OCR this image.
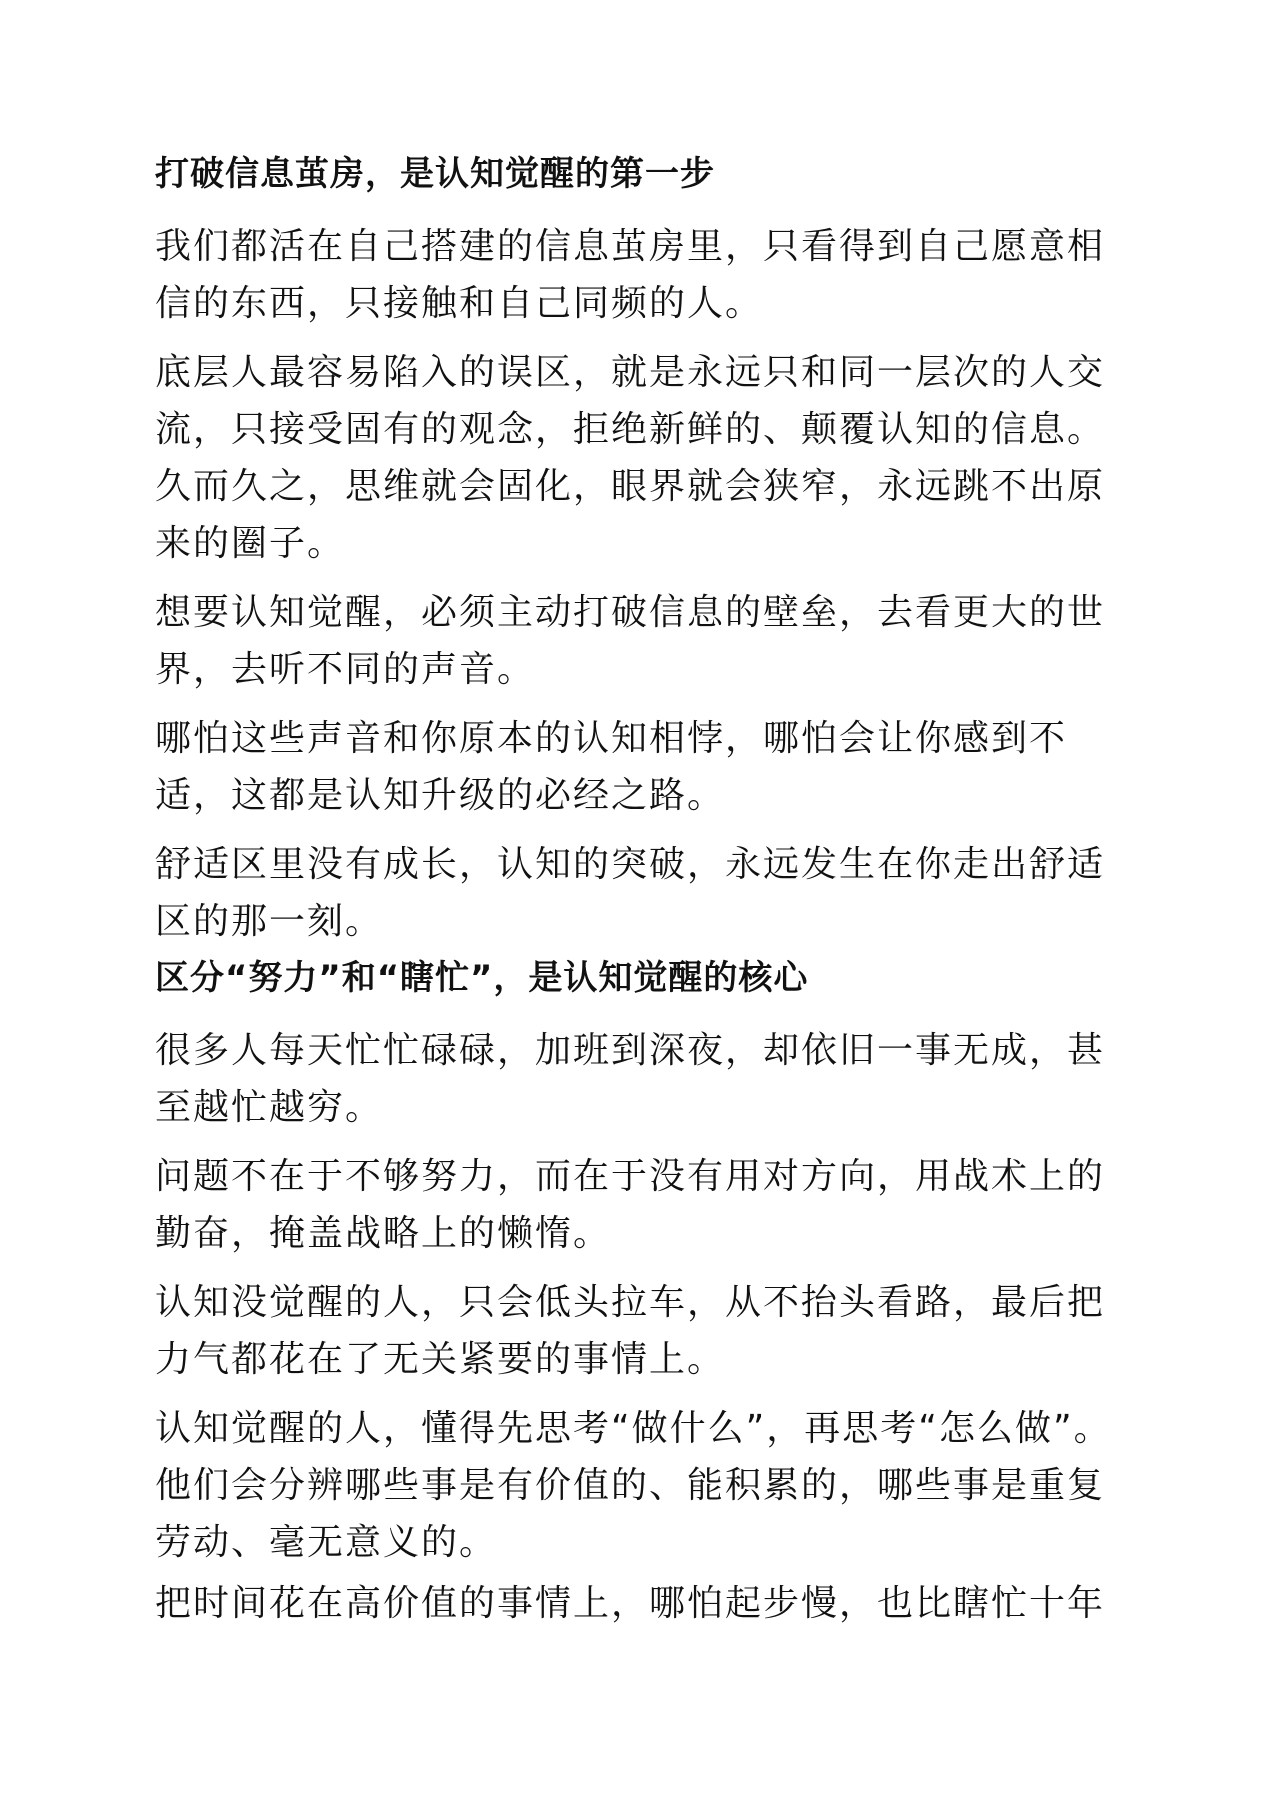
打破信息茧房，是认知觉醒的第一步

我们都活在自己搭建的信息茧房里，只看得到自己愿意相信的东西，只接触和自己同频的人。

底层人最容易陷入的误区，就是永远只和同一层次的人交流，只接受固有的观念，拒绝新鲜的、颠覆认知的信息。久而久之，思维就会固化，眼界就会狭窄，永远跳不出原来的圈子。

想要认知觉醒，必须主动打破信息的壁垒，去看更大的世界，去听不同的声音。

哪怕这些声音和你原本的认知相悖，哪怕会让你感到不适，这都是认知升级的必经之路。

舒适区里没有成长，认知的突破，永远发生在你走出舒适区的那一刻。

区分“努力”和“瞎忙”，是认知觉醒的核心

很多人每天忙忙碌碌，加班到深夜，却依旧一事无成，甚至越忙越穷。

问题不在于不够努力，而在于没有用对方向，用战术上的勤奋，掩盖战略上的懒惰。

认知没觉醒的人，只会低头拉车，从不抬头看路，最后把力气都花在了无关紧要的事情上。

认知觉醒的人，懂得先思考“做什么”，再思考“怎么做”。他们会分辨哪些事是有价值的、能积累的，哪些事是重复劳动、毫无意义的。

把时间花在高价值的事情上，哪怕起步慢，也比瞎忙十年
